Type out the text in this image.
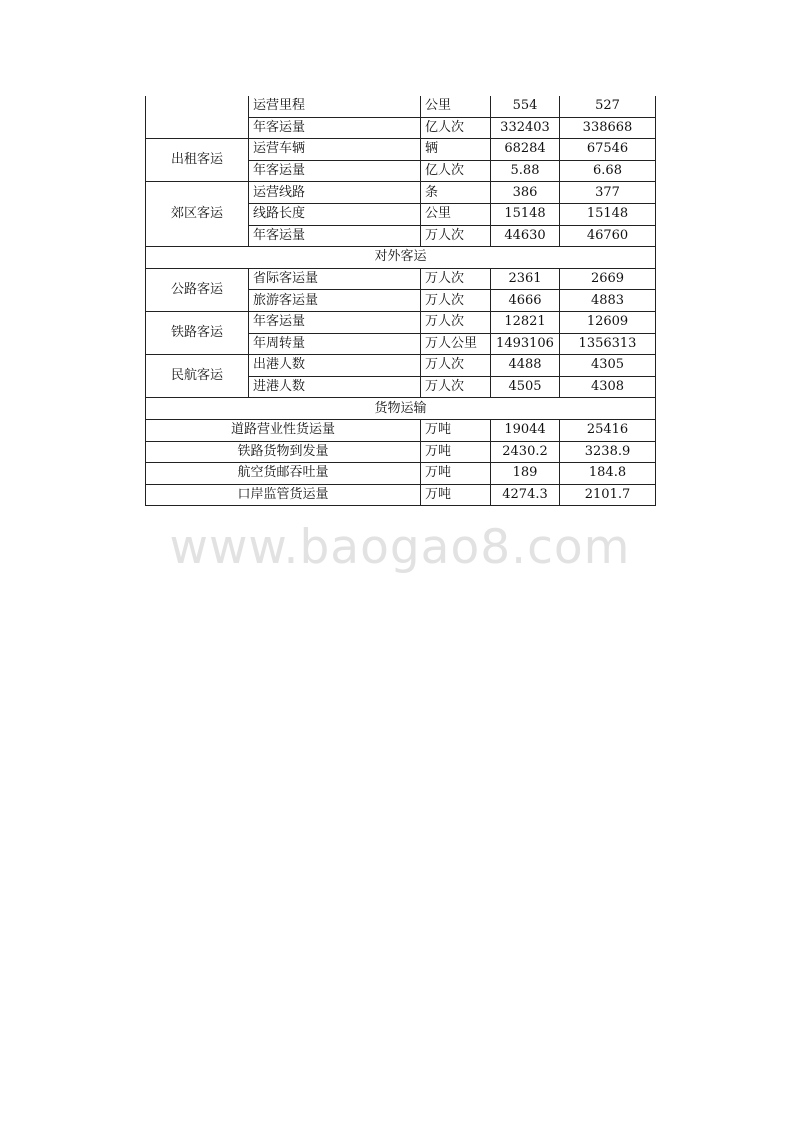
	运营里程	公里	554	527
	年客运量	亿人次	332403	338668
出租客运	运营车辆	辆	68284	67546
	年客运量	亿人次	5.88	6.68
郊区客运	运营线路	条	386	377
	线路长度	公里	15148	15148
	年客运量	万人次	44630	46760
对外客运				
公路客运	省际客运量	万人次	2361	2669
	旅游客运量	万人次	4666	4883
铁路客运	年客运量	万人次	12821	12609
	年周转量	万人公里	1493106	1356313
民航客运	出港人数	万人次	4488	4305
	进港人数	万人次	4505	4308
货物运输				
道路营业性货运量		万吨	19044	25416
铁路货物到发量		万吨	2430.2	3238.9
航空货邮吞吐量		万吨	189	184.8
口岸监管货运量		万吨	4274.3	2101.7
www.baogao8.com
